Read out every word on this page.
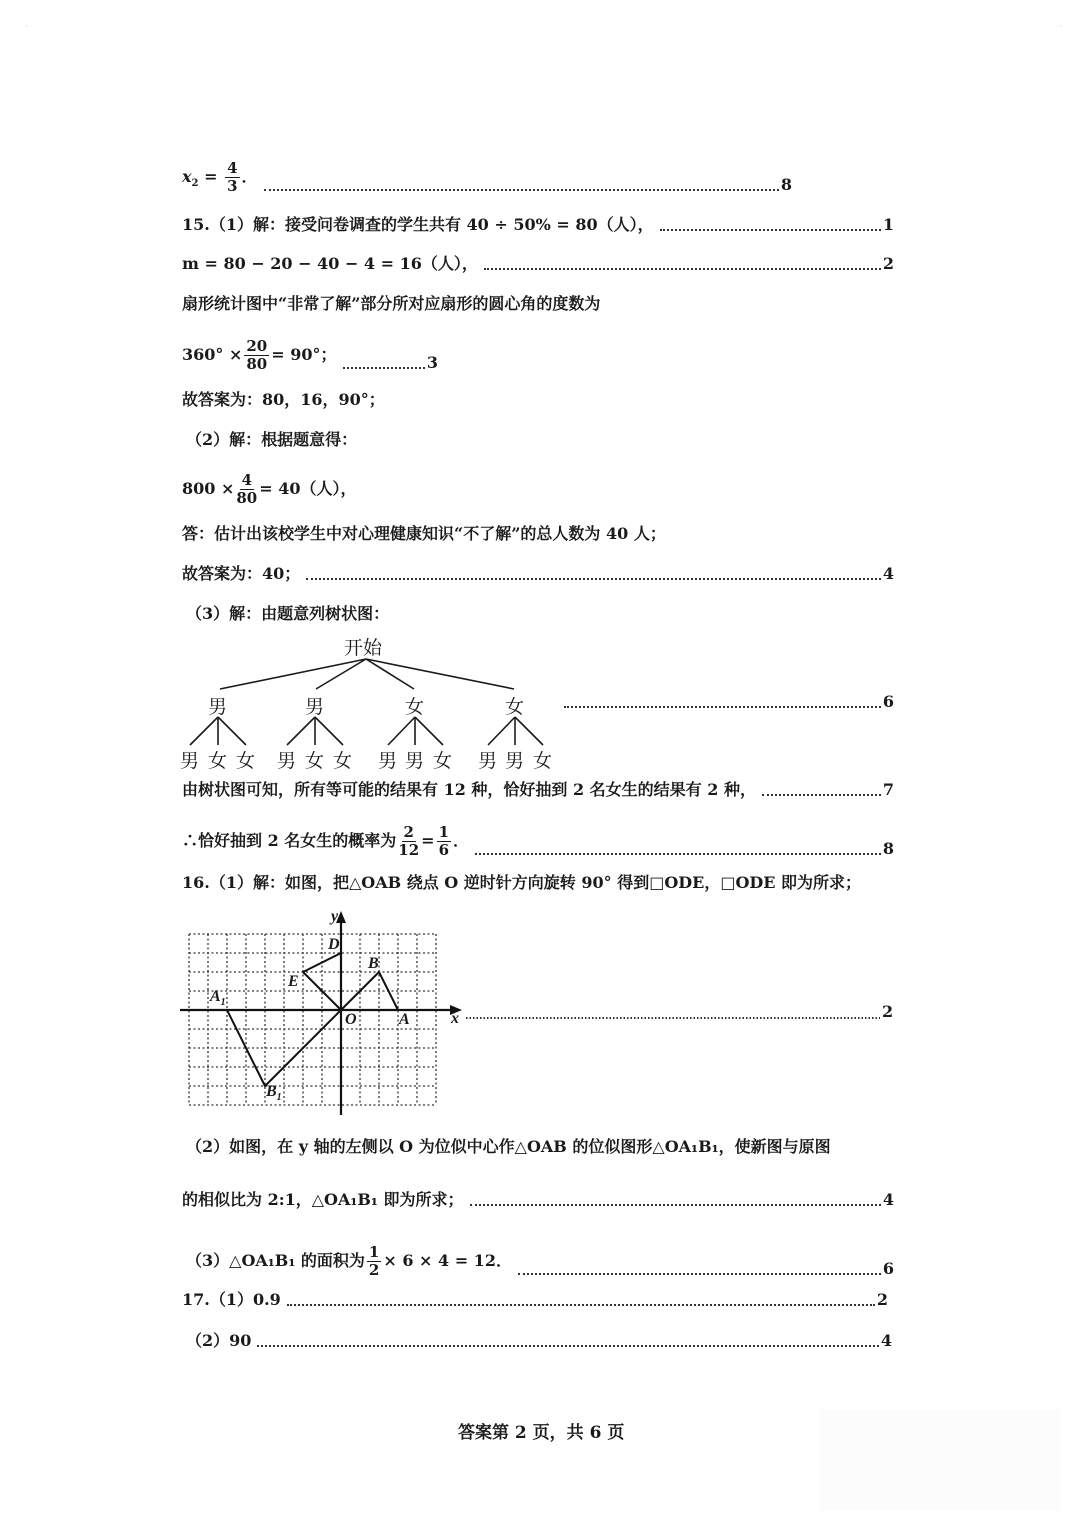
'	'
$x_2 = \frac{4}{3}$ ．	8
15.（1）解：接受问卷调查的学生共有 40 ÷ 50% = 80（人），	1
m = 80 − 20 − 40 − 4 = 16（人），	2
扇形统计图中“非常了解”部分所对应扇形的圆心角的度数为
$360^\circ \times \frac{20}{80} = 90^\circ$；	3
故答案为：80，16，90°；
（2）解：根据题意得：
$800 \times \frac{4}{80} = 40$（人），
答：估计出该校学生中对心理健康知识“不了解”的总人数为 40 人；
故答案为：40；	4
（3）解：由题意列树状图：
开始
男	男	女	女
男 女 女 男 女 女 男 男 女 男 男 女
6
由树状图可知，所有等可能的结果有 12 种，恰好抽到 2 名女生的结果有 2 种，	7
∴恰好抽到 2 名女生的概率为 $\frac{2}{12} = \frac{1}{6}$ ．	8
16.（1）解：如图，把△OAB 绕点 O 逆时针方向旋转 90° 得到□ODE，□ODE 即为所求；
y
x
O	A
B
D
E
$A_1$
$B_1$
2
（2）如图，在 y 轴的左侧以 O 为位似中心作△OAB 的位似图形△OA₁B₁，使新图与原图
的相似比为 2:1，△OA₁B₁ 即为所求；	4
（3）△OA₁B₁ 的面积为 $\frac{1}{2} \times 6 \times 4 = 12$．	6
17.（1）0.9	2
（2）90	4
答案第 2 页，共 6 页
